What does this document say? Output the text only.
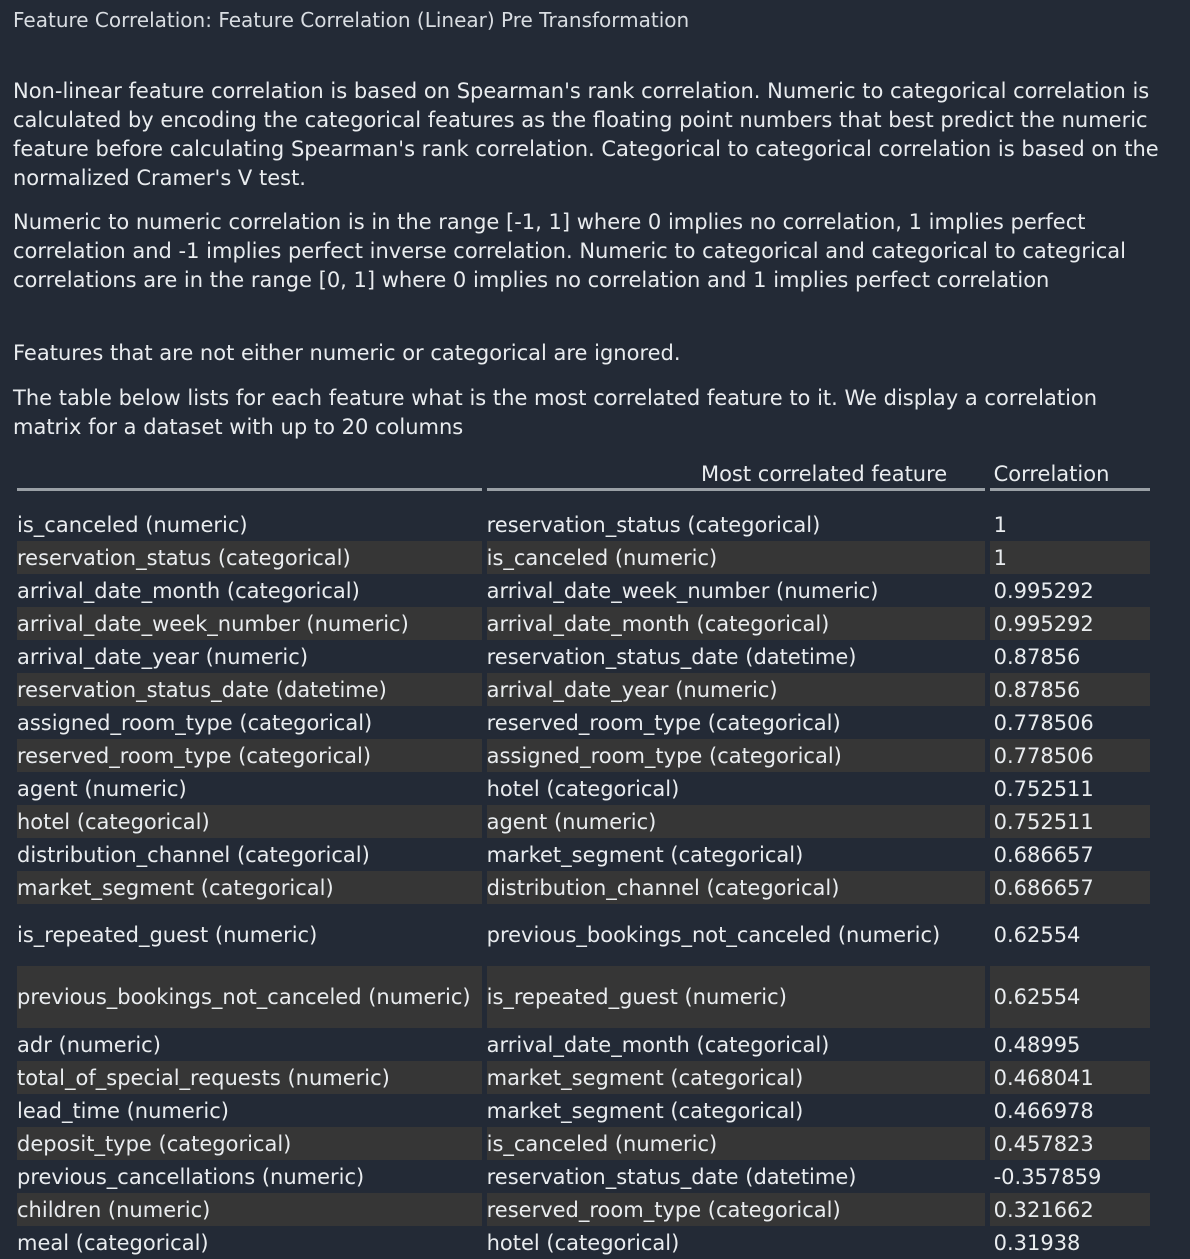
Feature Correlation: Feature Correlation (Linear) Pre Transformation

Non-linear feature correlation is based on Spearman's rank correlation. Numeric to categorical correlation is calculated by encoding the categorical features as the floating point numbers that best predict the numeric feature before calculating Spearman's rank correlation. Categorical to categorical correlation is based on the normalized Cramer's V test.

Numeric to numeric correlation is in the range [-1, 1] where 0 implies no correlation, 1 implies perfect correlation and -1 implies perfect inverse correlation. Numeric to categorical and categorical to categrical correlations are in the range [0, 1] where 0 implies no correlation and 1 implies perfect correlation

Features that are not either numeric or categorical are ignored.

The table below lists for each feature what is the most correlated feature to it. We display a correlation matrix for a dataset with up to 20 columns

		Most correlated feature		Correlation

is_canceled (numeric)		reservation_status (categorical)		1
reservation_status (categorical)		is_canceled (numeric)		1
arrival_date_month (categorical)		arrival_date_week_number (numeric)		0.995292
arrival_date_week_number (numeric)		arrival_date_month (categorical)		0.995292
arrival_date_year (numeric)		reservation_status_date (datetime)		0.87856
reservation_status_date (datetime)		arrival_date_year (numeric)		0.87856
assigned_room_type (categorical)		reserved_room_type (categorical)		0.778506
reserved_room_type (categorical)		assigned_room_type (categorical)		0.778506
agent (numeric)		hotel (categorical)		0.752511
hotel (categorical)		agent (numeric)		0.752511
distribution_channel (categorical)		market_segment (categorical)		0.686657
market_segment (categorical)		distribution_channel (categorical)		0.686657
is_repeated_guest (numeric)		previous_bookings_not_canceled (numeric)		0.62554
previous_bookings_not_canceled (numeric)		is_repeated_guest (numeric)		0.62554
adr (numeric)		arrival_date_month (categorical)		0.48995
total_of_special_requests (numeric)		market_segment (categorical)		0.468041
lead_time (numeric)		market_segment (categorical)		0.466978
deposit_type (categorical)		is_canceled (numeric)		0.457823
previous_cancellations (numeric)		reservation_status_date (datetime)		-0.357859
children (numeric)		reserved_room_type (categorical)		0.321662
meal (categorical)		hotel (categorical)		0.31938
